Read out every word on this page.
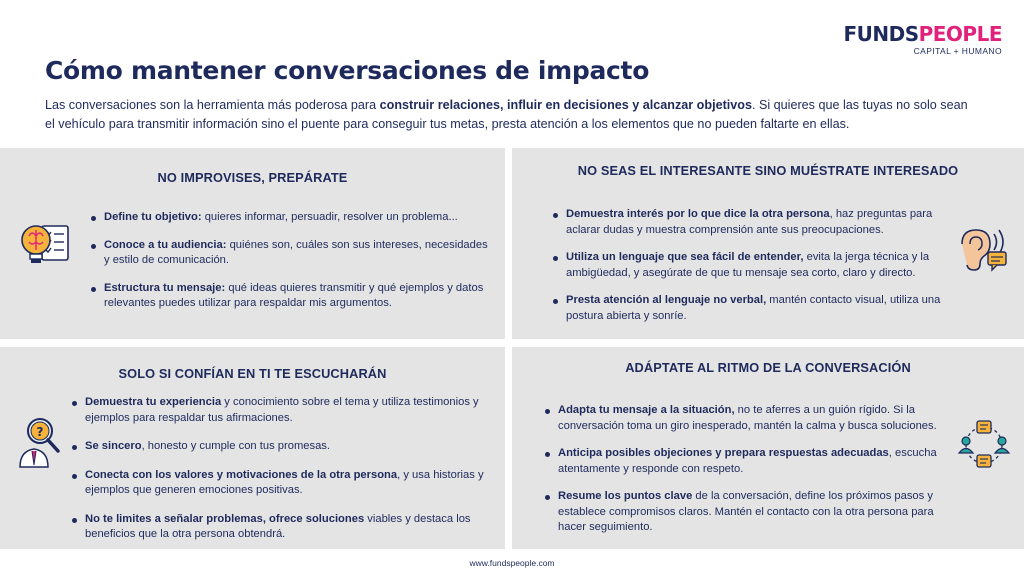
FUNDSPEOPLE
CAPITAL + HUMANO
Cómo mantener conversaciones de impacto

Las conversaciones son la herramienta más poderosa para construir relaciones, influir en decisiones y alcanzar objetivos. Si quieres que las tuyas no solo sean el vehículo para transmitir información sino el puente para conseguir tus metas, presta atención a los elementos que no pueden faltarte en ellas.

NO IMPROVISES, PREPÁRATE
Define tu objetivo: quieres informar, persuadir, resolver un problema...
Conoce a tu audiencia: quiénes son, cuáles son sus intereses, necesidades y estilo de comunicación.
Estructura tu mensaje: qué ideas quieres transmitir y qué ejemplos y datos relevantes puedes utilizar para respaldar mis argumentos.
NO SEAS EL INTERESANTE SINO MUÉSTRATE INTERESADO
Demuestra interés por lo que dice la otra persona, haz preguntas para aclarar dudas y muestra comprensión ante sus preocupaciones.
Utiliza un lenguaje que sea fácil de entender, evita la jerga técnica y la ambigüedad, y asegúrate de que tu mensaje sea corto, claro y directo.
Presta atención al lenguaje no verbal, mantén contacto visual, utiliza una postura abierta y sonríe.
SOLO SI CONFÍAN EN TI TE ESCUCHARÁN
?
Demuestra tu experiencia y conocimiento sobre el tema y utiliza testimonios y ejemplos para respaldar tus afirmaciones.
Se sincero, honesto y cumple con tus promesas.
Conecta con los valores y motivaciones de la otra persona, y usa historias y ejemplos que generen emociones positivas.
No te limites a señalar problemas, ofrece soluciones viables y destaca los beneficios que la otra persona obtendrá.
ADÁPTATE AL RITMO DE LA CONVERSACIÓN
Adapta tu mensaje a la situación, no te aferres a un guión rígido. Si la conversación toma un giro inesperado, mantén la calma y busca soluciones.
Anticipa posibles objeciones y prepara respuestas adecuadas, escucha atentamente y responde con respeto.
Resume los puntos clave de la conversación, define los próximos pasos y establece compromisos claros. Mantén el contacto con la otra persona para hacer seguimiento.
www.fundspeople.com
